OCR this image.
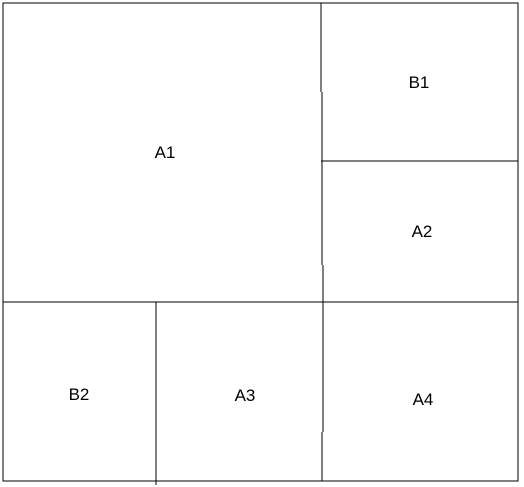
A1
B1
A2
B2	A3	A4
